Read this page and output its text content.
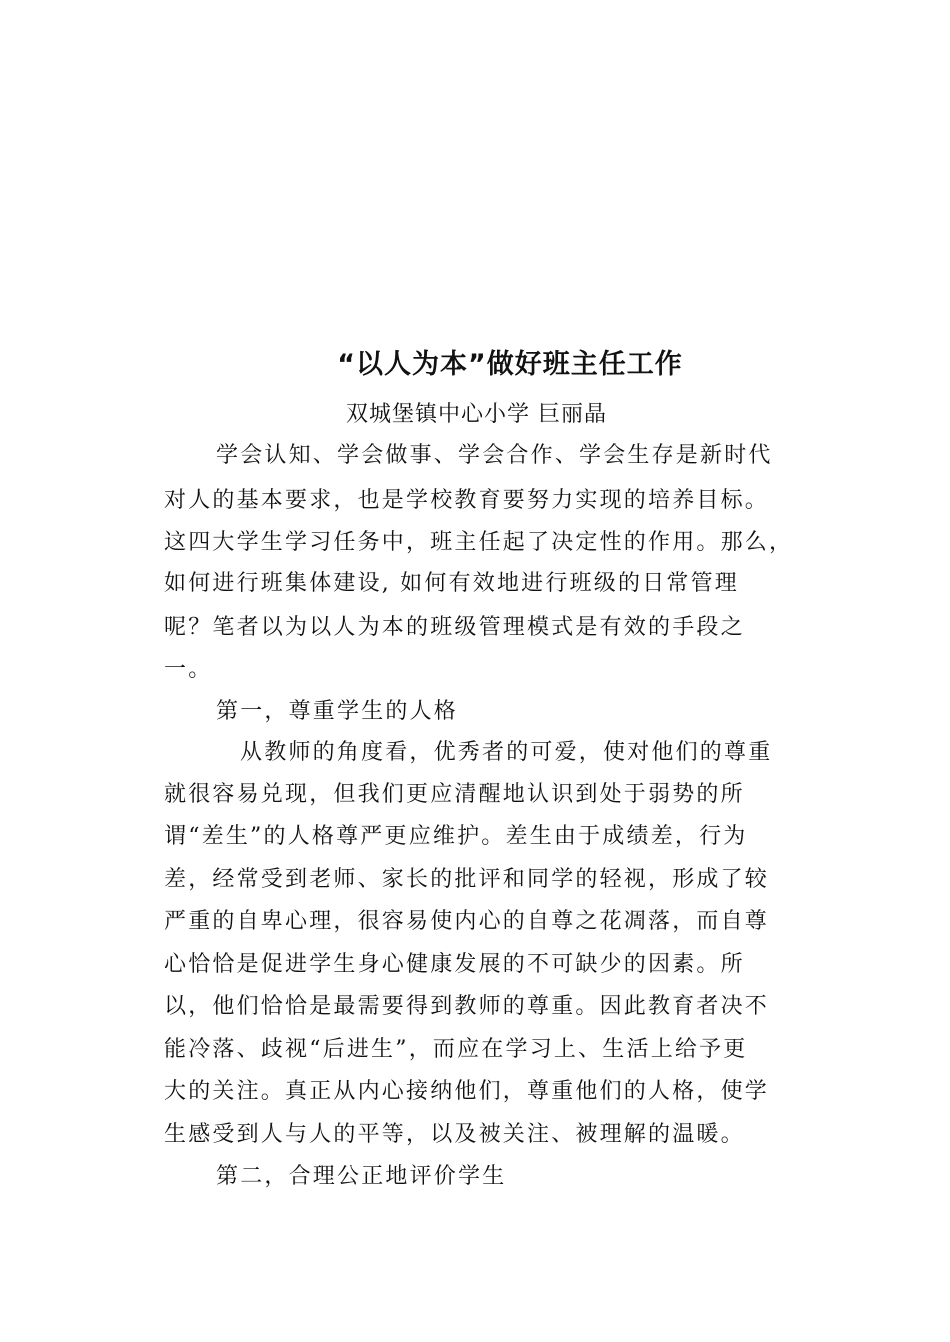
“以人为本”做好班主任工作
双城堡镇中心小学 巨丽晶
学会认知、学会做事、学会合作、学会生存是新时代
对人的基本要求，也是学校教育要努力实现的培养目标。
这四大学生学习任务中，班主任起了决定性的作用。那么，
如何进行班集体建设, 如何有效地进行班级的日常管理
呢？笔者以为以人为本的班级管理模式是有效的手段之
一。
第一，尊重学生的人格
从教师的角度看，优秀者的可爱，使对他们的尊重
就很容易兑现，但我们更应清醒地认识到处于弱势的所
谓“差生”的人格尊严更应维护。差生由于成绩差，行为
差，经常受到老师、家长的批评和同学的轻视，形成了较
严重的自卑心理，很容易使内心的自尊之花凋落，而自尊
心恰恰是促进学生身心健康发展的不可缺少的因素。所
以，他们恰恰是最需要得到教师的尊重。因此教育者决不
能冷落、歧视“后进生”，而应在学习上、生活上给予更
大的关注。真正从内心接纳他们，尊重他们的人格，使学
生感受到人与人的平等，以及被关注、被理解的温暖。
第二，合理公正地评价学生
